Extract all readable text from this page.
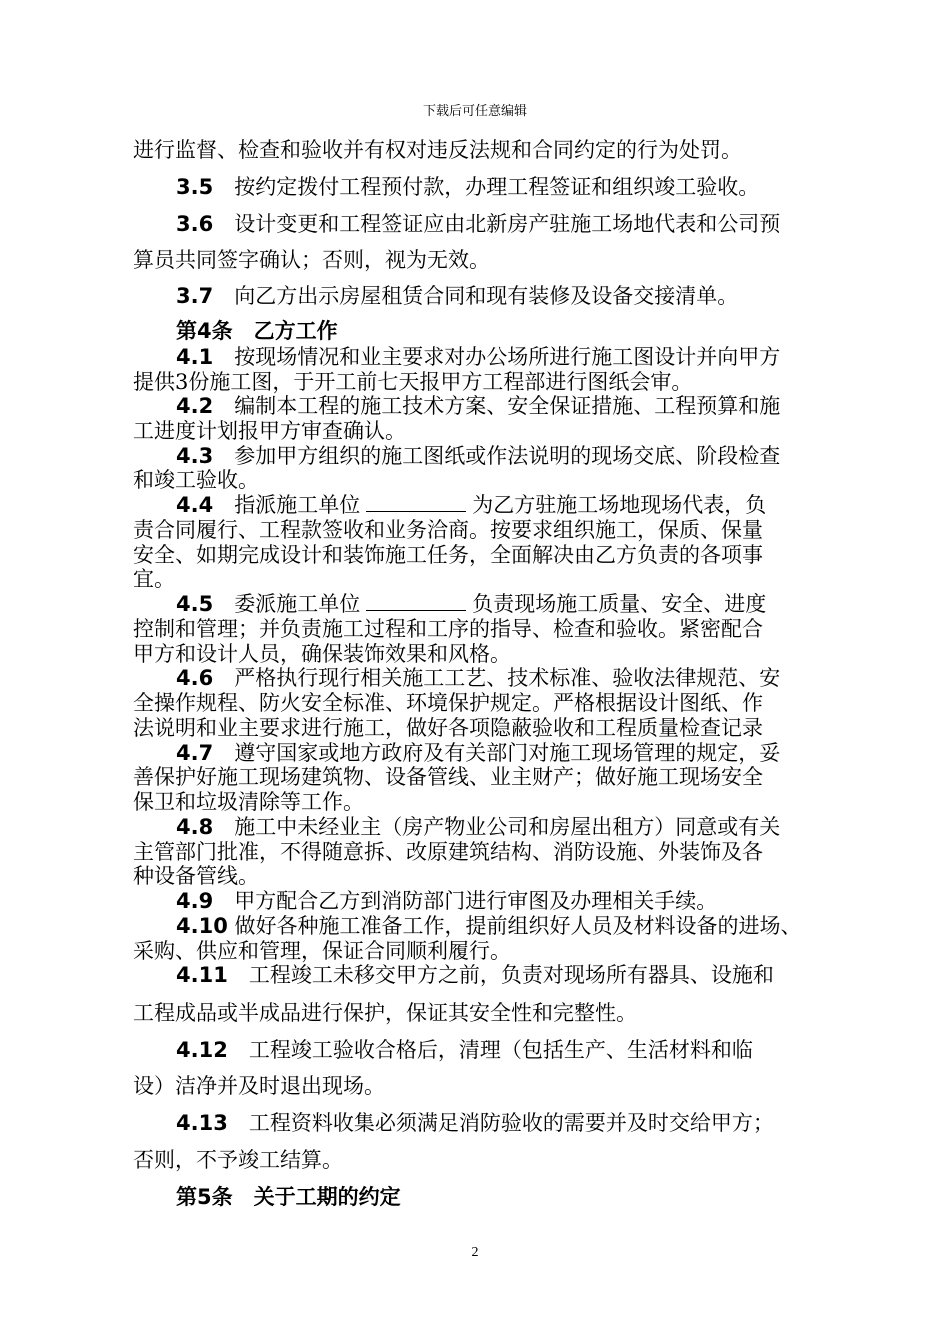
下载后可任意编辑
进行监督、检查和验收并有权对违反法规和合同约定的行为处罚。
3.5　 按约定拨付工程预付款，办理工程签证和组织竣工验收。
3.6　 设计变更和工程签证应由北新房产驻施工场地代表和公司预
算员共同签字确认；否则，视为无效。
3.7　 向乙方出示房屋租赁合同和现有装修及设备交接清单。
第4条　乙方工作
4.1　 按现场情况和业主要求对办公场所进行施工图设计并向甲方
提供3份施工图，于开工前七天报甲方工程部进行图纸会审。
4.2　 编制本工程的施工技术方案、安全保证措施、工程预算和施
工进度计划报甲方审查确认。
4.3　 参加甲方组织的施工图纸或作法说明的现场交底、阶段检查
和竣工验收。
4.4　 指派施工单位	为乙方驻施工场地现场代表，负
责合同履行、工程款签收和业务洽商。按要求组织施工，保质、保量
安全、如期完成设计和装饰施工任务，全面解决由乙方负责的各项事
宜。
4.5　 委派施工单位	负责现场施工质量、安全、进度
控制和管理；并负责施工过程和工序的指导、检查和验收。紧密配合
甲方和设计人员，确保装饰效果和风格。
4.6　 严格执行现行相关施工工艺、技术标准、验收法律规范、安
全操作规程、防火安全标准、环境保护规定。严格根据设计图纸、作
法说明和业主要求进行施工，做好各项隐蔽验收和工程质量检查记录
4.7　 遵守国家或地方政府及有关部门对施工现场管理的规定，妥
善保护好施工现场建筑物、设备管线、业主财产；做好施工现场安全
保卫和垃圾清除等工作。
4.8　 施工中未经业主（房产物业公司和房屋出租方）同意或有关
主管部门批准，不得随意拆、改原建筑结构、消防设施、外装饰及各
种设备管线。
4.9　 甲方配合乙方到消防部门进行审图及办理相关手续。
4.10 做好各种施工准备工作，提前组织好人员及材料设备的进场、
采购、供应和管理，保证合同顺利履行。
4.11　 工程竣工未移交甲方之前，负责对现场所有器具、设施和
工程成品或半成品进行保护，保证其安全性和完整性。
4.12　 工程竣工验收合格后，清理（包括生产、生活材料和临
设）洁净并及时退出现场。
4.13　 工程资料收集必须满足消防验收的需要并及时交给甲方；
否则，不予竣工结算。
第5条　关于工期的约定
2
